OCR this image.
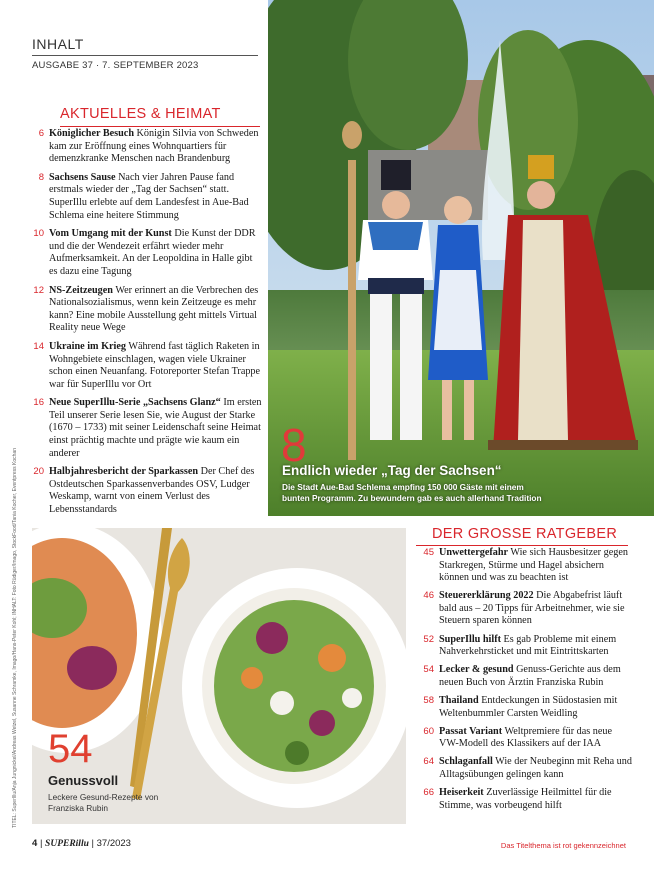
INHALT
AUSGABE 37 · 7. SEPTEMBER 2023
AKTUELLES & HEIMAT
6 Königlicher Besuch Königin Silvia von Schweden kam zur Eröffnung eines Wohnquartiers für demenzkranke Menschen nach Brandenburg
8 Sachsens Sause Nach vier Jahren Pause fand erstmals wieder der „Tag der Sachsen“ statt. SuperIllu erlebte auf dem Landesfest in Aue-Bad Schlema eine heitere Stimmung
10 Vom Umgang mit der Kunst Die Kunst der DDR und die der Wendezeit erfährt wieder mehr Aufmerksamkeit. An der Leopoldina in Halle gibt es dazu eine Tagung
12 NS-Zeitzeugen Wer erinnert an die Verbrechen des Nationalsozialismus, wenn kein Zeitzeuge es mehr kann? Eine mobile Ausstellung geht mittels Virtual Reality neue Wege
14 Ukraine im Krieg Während fast täglich Raketen in Wohngebiete einschlagen, wagen viele Ukrainer schon einen Neuanfang. Fotoreporter Stefan Trappe war für SuperIllu vor Ort
16 Neue SuperIllu-Serie „Sachsens Glanz“ Im ersten Teil unserer Serie lesen Sie, wie August der Starke (1670 – 1733) mit seiner Leidenschaft seine Heimat einst prächtig machte und prägte wie kaum ein anderer
20 Halbjahresbericht der Sparkassen Der Chef des Ostdeutschen Sparkassenverbandes OSV, Ludger Weskamp, warnt von einem Verlust des Lebensstandards
8
Endlich wieder „Tag der Sachsen“
Die Stadt Aue-Bad Schlema empfing 150 000 Gäste mit einem bunten Programm. Zu bewundern gab es auch allerhand Tradition
54
Genussvoll
Leckere Gesund-Rezepte von Franziska Rubin
DER GROSSE RATGEBER
45 Unwettergefahr Wie sich Hausbesitzer gegen Starkregen, Stürme und Hagel absichern können und was zu beachten ist
46 Steuererklärung 2022 Die Abgabefrist läuft bald aus – 20 Tipps für Arbeitnehmer, wie sie Steuern sparen können
52 SuperIllu hilft Es gab Probleme mit einem Nahverkehrsticket und mit Eintrittskarten
54 Lecker & gesund Genuss-Gerichte aus dem neuen Buch von Ärztin Franziska Rubin
58 Thailand Entdeckungen in Südostasien mit Weltenbummler Carsten Weidling
60 Passat Variant Weltpremiere für das neue VW-Modell des Klassikers auf der IAA
64 Schlaganfall Wie der Neubeginn mit Reha und Alltagsübungen gelingen kann
66 Heiserkeit Zuverlässige Heilmittel für die Stimme, was vorbeugend hilft
TITEL: SuperIllu/Anja Jungnickel/Andreas Wetzel, Susanne Schramke, Imago/Hans-Peter Kohl; INHALT: Foto Rüdiger/Imago, StockFood/Tania Kocher, Eventpress Kochan
4 | SUPERillu | 37/2023	Das Titelthema ist rot gekennzeichnet
